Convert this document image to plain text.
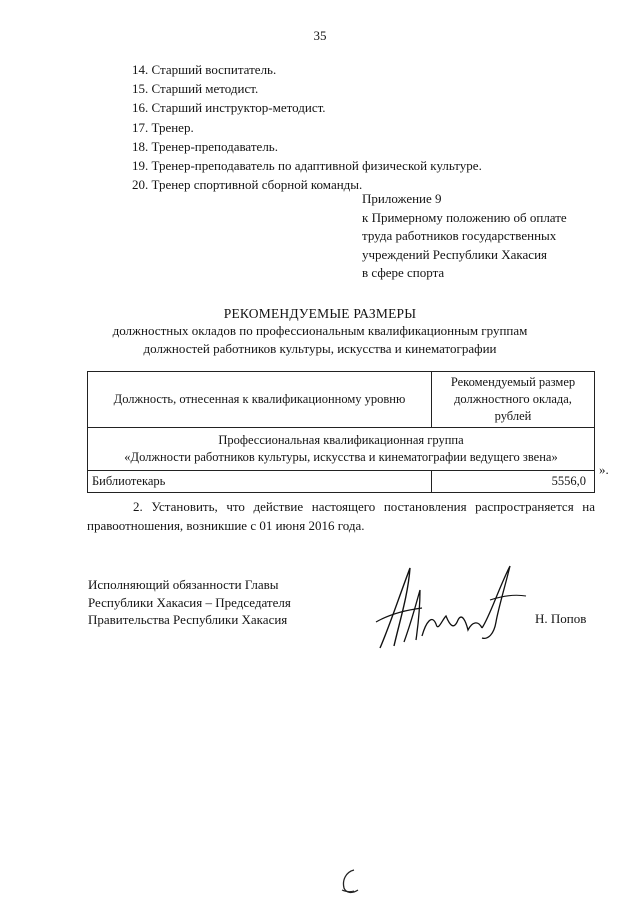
35
14. Старший воспитатель.
15. Старший методист.
16. Старший инструктор-методист.
17. Тренер.
18. Тренер-преподаватель.
19. Тренер-преподаватель по адаптивной физической культуре.
20. Тренер спортивной сборной команды.
Приложение 9
к Примерному положению об оплате
труда работников государственных
учреждений Республики Хакасия
в сфере спорта
РЕКОМЕНДУЕМЫЕ РАЗМЕРЫ
должностных окладов по профессиональным квалификационным группам
должностей работников культуры, искусства и кинематографии
Должность, отнесенная к квалификационному уровню	Рекомендуемый размер
должностного оклада, рублей

Профессиональная квалификационная группа
«Должности работников культуры, искусства и кинематографии ведущего звена»	

Библиотекарь	5556,0
».
2. Установить, что действие настоящего постановления распространяется на правоотношения, возникшие с 01 июня 2016 года.
Исполняющий обязанности Главы
Республики Хакасия – Председателя
Правительства Республики Хакасия	Н. Попов
